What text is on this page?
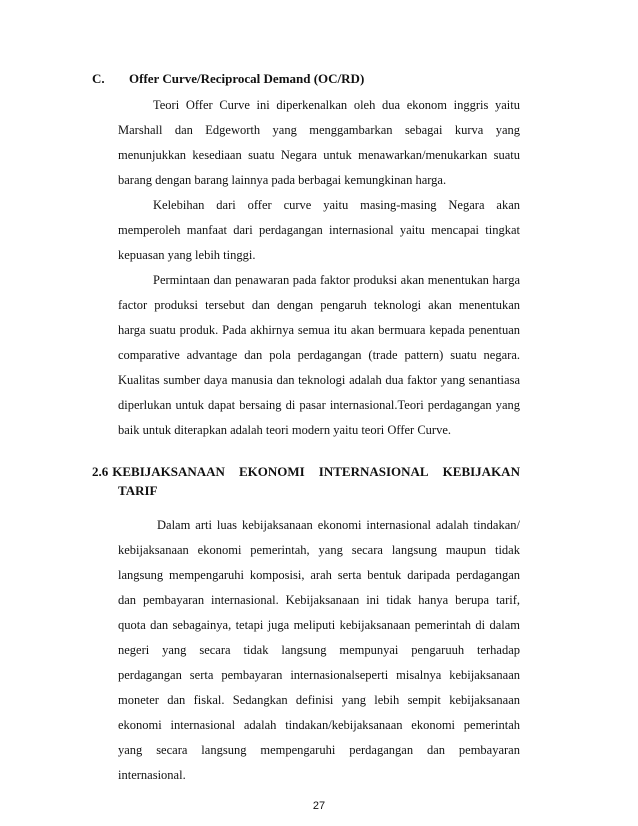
C. Offer Curve/Reciprocal Demand (OC/RD)
Teori Offer Curve ini diperkenalkan oleh dua ekonom inggris yaitu
Marshall dan Edgeworth yang menggambarkan sebagai kurva yang
menunjukkan kesediaan suatu Negara untuk menawarkan/menukarkan suatu
barang dengan barang lainnya pada berbagai kemungkinan harga.
Kelebihan dari offer curve yaitu masing-masing Negara akan
memperoleh manfaat dari perdagangan internasional yaitu mencapai tingkat
kepuasan yang lebih tinggi.
Permintaan dan penawaran pada faktor produksi akan menentukan harga
factor produksi tersebut dan dengan pengaruh teknologi akan menentukan
harga suatu produk. Pada akhirnya semua itu akan bermuara kepada penentuan
comparative advantage dan pola perdagangan (trade pattern) suatu negara.
Kualitas sumber daya manusia dan teknologi adalah dua faktor yang senantiasa
diperlukan untuk dapat bersaing di pasar internasional.Teori perdagangan yang
baik untuk diterapkan adalah teori modern yaitu teori Offer Curve.
2.6 KEBIJAKSANAAN EKONOMI INTERNASIONAL KEBIJAKAN
TARIF
Dalam arti luas kebijaksanaan ekonomi internasional adalah tindakan/
kebijaksanaan ekonomi pemerintah, yang secara langsung maupun tidak
langsung mempengaruhi komposisi, arah serta bentuk daripada perdagangan
dan pembayaran internasional. Kebijaksanaan ini tidak hanya berupa tarif,
quota dan sebagainya, tetapi juga meliputi kebijaksanaan pemerintah di dalam
negeri yang secara tidak langsung mempunyai pengaruuh terhadap
perdagangan serta pembayaran internasionalseperti misalnya kebijaksanaan
moneter dan fiskal. Sedangkan definisi yang lebih sempit kebijaksanaan
ekonomi internasional adalah tindakan/kebijaksanaan ekonomi pemerintah
yang secara langsung mempengaruhi perdagangan dan pembayaran
internasional.
27
